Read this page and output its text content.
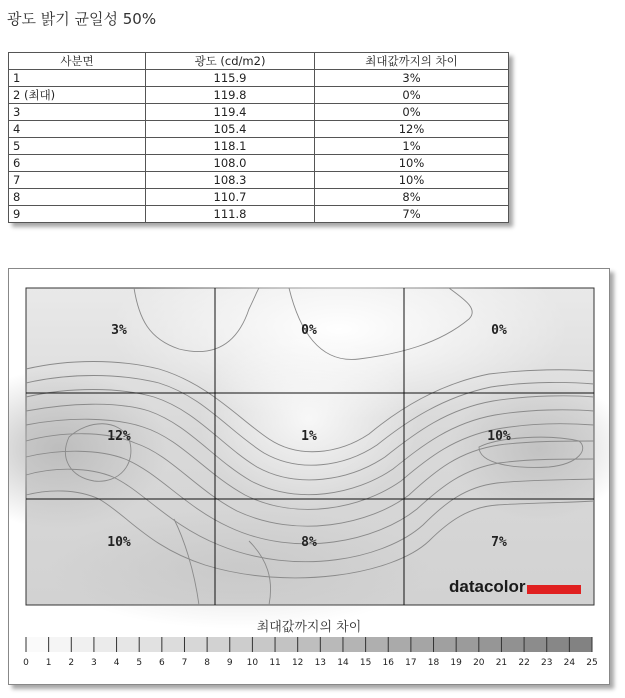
광도 밝기 균일성 50%
사분면	광도 (cd/m2)	최대값까지의 차이
1	115.9	3%
2 (최대)	119.8	0%
3	119.4	0%
4	105.4	12%
5	118.1	1%
6	108.0	10%
7	108.3	10%
8	110.7	8%
9	111.8	7%
3%	0%	0%
12%	1%	10%
10%	8%	7%
datacolor
최대값까지의 차이
0 1 2 3 4 5 6 7 8 9 10 11 12 13 14 15 16 17 18 19 20 21 22 23 24 25
